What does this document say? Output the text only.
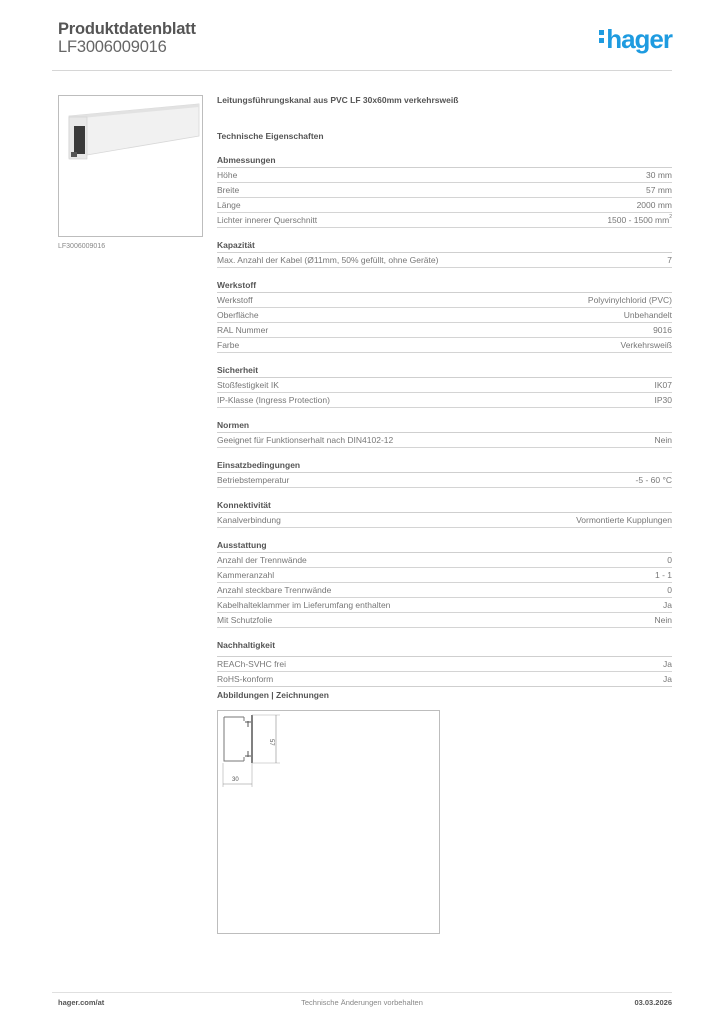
Produktdatenblatt
LF3006009016	hager
LF3006009016
Leitungsführungskanal aus PVC LF 30x60mm verkehrsweiß
Technische Eigenschaften
Abmessungen
Höhe	30 mm
Breite	57 mm
Länge	2000 mm
Lichter innerer Querschnitt	1500 - 1500 $mm^2$
Kapazität
Max. Anzahl der Kabel (Ø11mm, 50% gefüllt, ohne Geräte)	7
Werkstoff
Werkstoff	Polyvinylchlorid (PVC)
Oberfläche	Unbehandelt
RAL Nummer	9016
Farbe	Verkehrsweiß
Sicherheit
Stoßfestigkeit IK	IK07
IP-Klasse (Ingress Protection)	IP30
Normen
Geeignet für Funktionserhalt nach DIN4102-12	Nein
Einsatzbedingungen
Betriebstemperatur	-5 - 60 °C
Konnektivität
Kanalverbindung	Vormontierte Kupplungen
Ausstattung
Anzahl der Trennwände	0
Kammeranzahl	1 - 1
Anzahl steckbare Trennwände	0
Kabelhalteklammer im Lieferumfang enthalten	Ja
Mit Schutzfolie	Nein
Nachhaltigkeit
REACh-SVHC frei	Ja
RoHS-konform	Ja
Abbildungen | Zeichnungen
57
30
hager.com/at	Technische Änderungen vorbehalten	03.03.2026
